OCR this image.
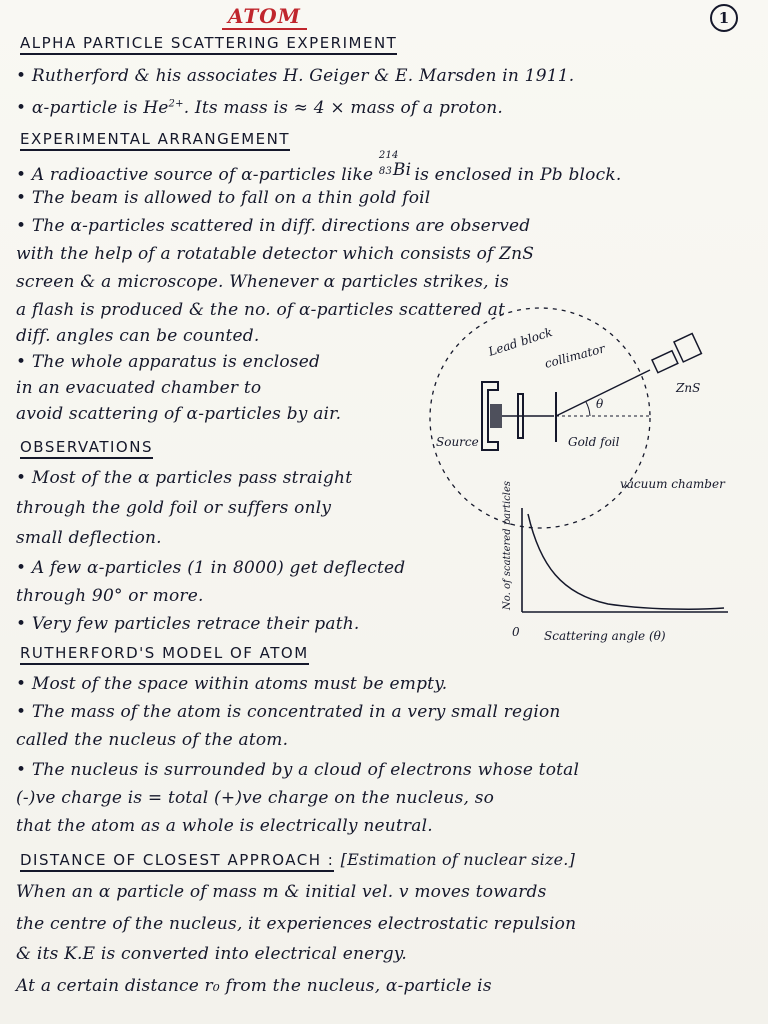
ATOM	1
ALPHA PARTICLE SCATTERING EXPERIMENT
• Rutherford & his associates H. Geiger & E. Marsden in 1911.
• α-particle is $He^{2+}$. Its mass is ≈ 4 × mass of a proton.
EXPERIMENTAL ARRANGEMENT
• A radioactive source of α-particles like
214
83 Bi is enclosed in Pb block.
• The beam is allowed to fall on a thin gold foil
• The α-particles scattered in diff. directions are observed
with the help of a rotatable detector which consists of ZnS
screen & a microscope. Whenever α particles strikes, is
a flash is produced & the no. of α-particles scattered at
diff. angles can be counted.
• The whole apparatus is enclosed
in an evacuated chamber to
avoid scattering of α-particles by air.	θ
Lead block
collimator
ZnS
Source	Gold foil
vacuum chamber
OBSERVATIONS
• Most of the α particles pass straight
through the gold foil or suffers only
small deflection.
• A few α-particles (1 in 8000) get deflected
through 90° or more.
• Very few particles retrace their path.	0 Scattering angle (θ)
No. of scattered particles
RUTHERFORD'S MODEL OF ATOM
• Most of the space within atoms must be empty.
• The mass of the atom is concentrated in a very small region
called the nucleus of the atom.
• The nucleus is surrounded by a cloud of electrons whose total
(-)ve charge is = total (+)ve charge on the nucleus, so
that the atom as a whole is electrically neutral.
DISTANCE OF CLOSEST APPROACH : [Estimation of nuclear size.]
When an α particle of mass m & initial vel. v moves towards
the centre of the nucleus, it experiences electrostatic repulsion
& its K.E is converted into electrical energy.
At a certain distance r₀ from the nucleus, α-particle is
